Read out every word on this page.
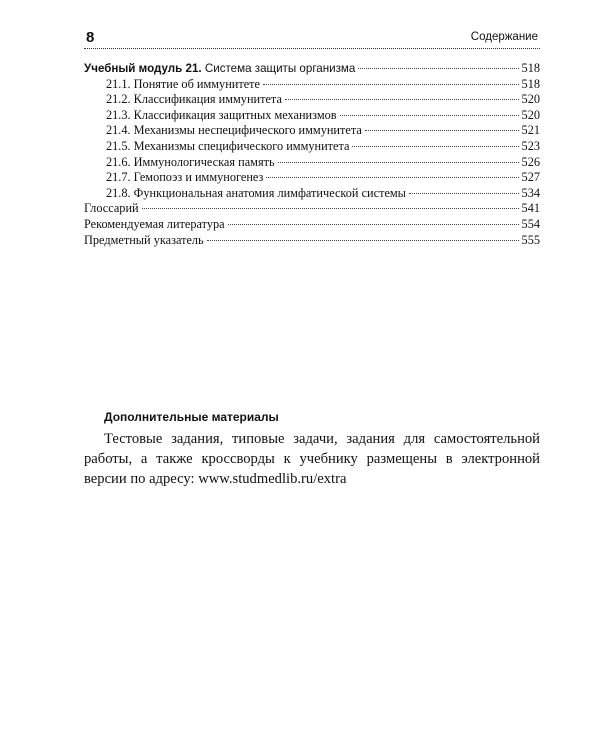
8	Содержание
Учебный модуль 21. Система защиты организма	518
21.1. Понятие об иммунитете	518
21.2. Классификация иммунитета	520
21.3. Классификация защитных механизмов	520
21.4. Механизмы неспецифического иммунитета	521
21.5. Механизмы специфического иммунитета	523
21.6. Иммунологическая память	526
21.7. Гемопоэз и иммуногенез	527
21.8. Функциональная анатомия лимфатической системы	534
Глоссарий	541
Рекомендуемая литература	554
Предметный указатель	555
Дополнительные материалы

Тестовые задания, типовые задачи, задания для самостоятельной работы, а также кроссворды к учебнику размещены в электронной версии по адресу: www.studmedlib.ru/extra
